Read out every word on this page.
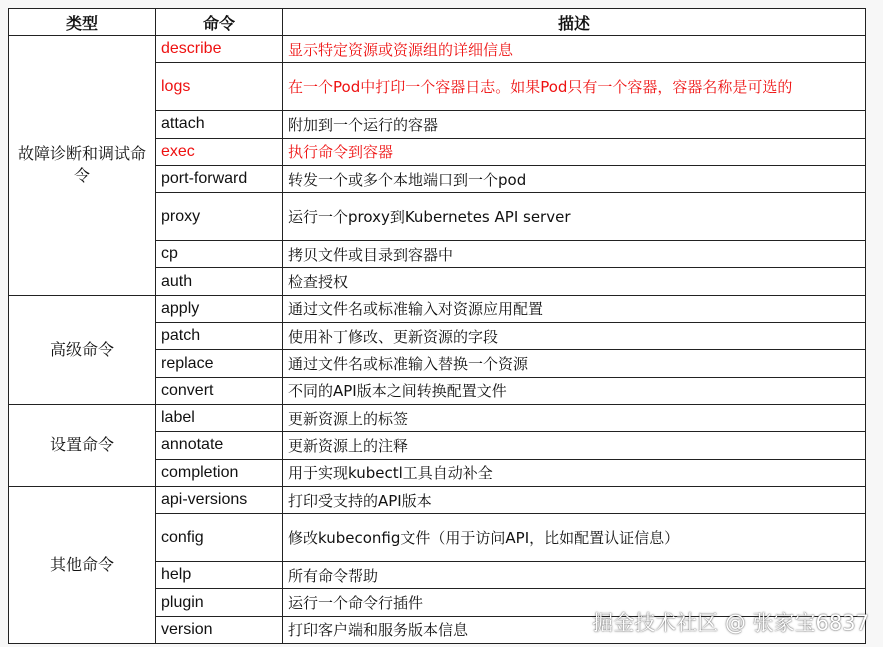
类型	命令	描述
故障诊断和调试命令	describe	显示特定资源或资源组的详细信息
	logs	在一个Pod中打印一个容器日志。如果Pod只有一个容器，容器名称是可选的
	attach	附加到一个运行的容器
	exec	执行命令到容器
	port-forward	转发一个或多个本地端口到一个pod
	proxy	运行一个proxy到Kubernetes API server
	cp	拷贝文件或目录到容器中
	auth	检查授权
高级命令	apply	通过文件名或标准输入对资源应用配置
	patch	使用补丁修改、更新资源的字段
	replace	通过文件名或标准输入替换一个资源
	convert	不同的API版本之间转换配置文件
设置命令	label	更新资源上的标签
	annotate	更新资源上的注释
	completion	用于实现kubectl工具自动补全
其他命令	api-versions	打印受支持的API版本
	config	修改kubeconfig文件（用于访问API，比如配置认证信息）
	help	所有命令帮助
	plugin	运行一个命令行插件
	version	打印客户端和服务版本信息	掘金技术社区 @ 张家宝6837
